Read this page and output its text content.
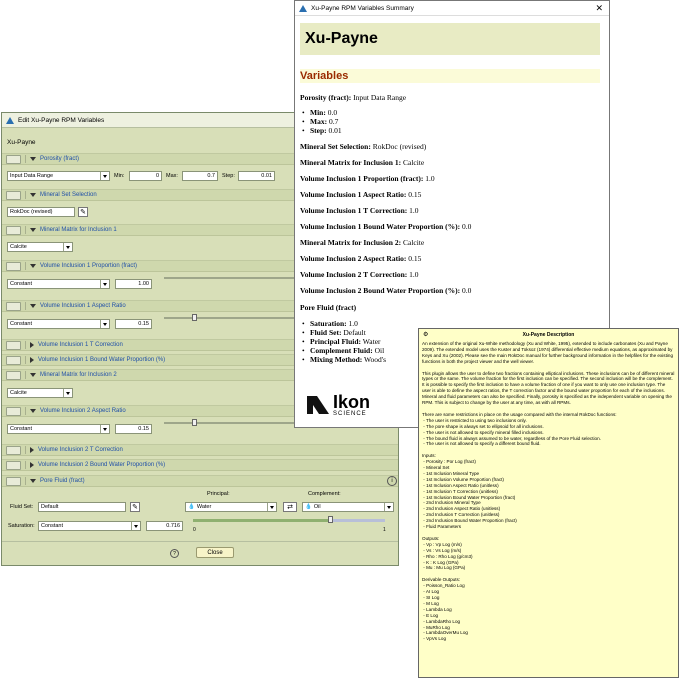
Edit Xu-Payne RPM Variables
Xu-Payne
Porosity
(fract)
Input Data Range	Min:	0 Max:	0.7 Step:	0.01
Mineral Set Selection
RokDoc (revised)	✎
Mineral Matrix for Inclusion 1
Calcite
Volume Inclusion 1 Proportion
(fract)
Constant	1.00
Volume Inclusion 1 Aspect Ratio
Constant	0.15
Volume Inclusion 1 T Correction
Volume Inclusion 1 Bound Water Proportion (%)
Mineral Matrix for Inclusion 2
Calcite
Volume Inclusion 2 Aspect Ratio
Constant	0.15
Volume Inclusion 2 T Correction
Volume Inclusion 2 Bound Water Proportion (%)
Pore Fluid (fract)	i
Principal:	Complement:
Fluid Set: Default	✎	💧 Water	⇄	💧 Oil
Saturation: Constant	0.716
0	1
?	Close
Xu-Payne RPM Variables Summary	✕
Xu-Payne
Variables
Porosity (fract): Input Data Range
• Min: 0.0
• Max: 0.7
• Step: 0.01
Mineral Set Selection: RokDoc (revised)
Mineral Matrix for Inclusion 1: Calcite
Volume Inclusion 1 Proportion (fract): 1.0
Volume Inclusion 1 Aspect Ratio: 0.15
Volume Inclusion 1 T Correction: 1.0
Volume Inclusion 1 Bound Water Proportion (%): 0.0
Mineral Matrix for Inclusion 2: Calcite
Volume Inclusion 2 Aspect Ratio: 0.15
Volume Inclusion 2 T Correction: 1.0
Volume Inclusion 2 Bound Water Proportion (%): 0.0
Pore Fluid (fract)
• Saturation: 1.0
• Fluid Set: Default
• Principal Fluid: Water
• Complement Fluid: Oil
• Mixing Method: Wood's
Ikon
SCIENCE
⚙	Xu-Payne Description
An extension of the original Xu-White methodology (Xu and White, 1995), extended to include carbonates (Xu and Payne
2009). The extended model uses the Kuster and Toksoz (1974) differential effective medium equations, as approximated by
Keys and Xu (2002). Please see the main RokDoc manual for further background information in the helpfiles for the existing
functions in both the project viewer and the well viewer.

This plugin allows the user to define two fractions containing elliptical inclusions. These inclusions can be of different mineral
types or the same. The volume fraction for the first inclusion can be specified. The second inclusion will be the complement.
It is possible to specify the first inclusion to have a volume fraction of one if you want to only use one inclusion type. The
user is able to define the aspect ratios, the T correction factor and the bound water proportion for each of the inclusions.
Mineral and fluid parameters can also be specified. Finally, porosity is specified as the independent variable on opening the
RPM. This is subject to change by the user at any time, as with all RPMs.

There are some restrictions in place on the usage compared with the internal RokDoc functions:
- The user is restricted to using two inclusions only.
- The pore shape is always set to ellipsoid for all inclusions.
- The user is not allowed to specify mineral filled inclusions.
- The bound fluid is always assumed to be water, regardless of the Pore Fluid selection.
- The user is not allowed to specify a different bound fluid.

Inputs:
- Porosity : Por Log (fract)
- Mineral Set
- 1st Inclusion Mineral Type
- 1st Inclusion Volume Proportion (fract)
- 1st Inclusion Aspect Ratio (unitless)
- 1st Inclusion T Correction (unitless)
- 1st Inclusion Bound Water Proportion (fract)
- 2nd Inclusion Mineral Type
- 2nd Inclusion Aspect Ratio (unitless)
- 2nd Inclusion T Correction (unitless)
- 2nd Inclusion Bound Water Proportion (fract)
- Fluid Parameters

Outputs:
- Vp : Vp Log (m/s)
- Vs : Vs Log (m/s)
- Rho : Rho Log (g/cm3)
- K : K Log (GPa)
- Mu : Mu Log (GPa)

Derivable Outputs:
- Poisson_Ratio Log
- AI Log
- SI Log
- M Log
- Lambda Log
- E Log
- LambdaRho Log
- MuRho Log
- LambdaOverMu Log
- VpVs Log
